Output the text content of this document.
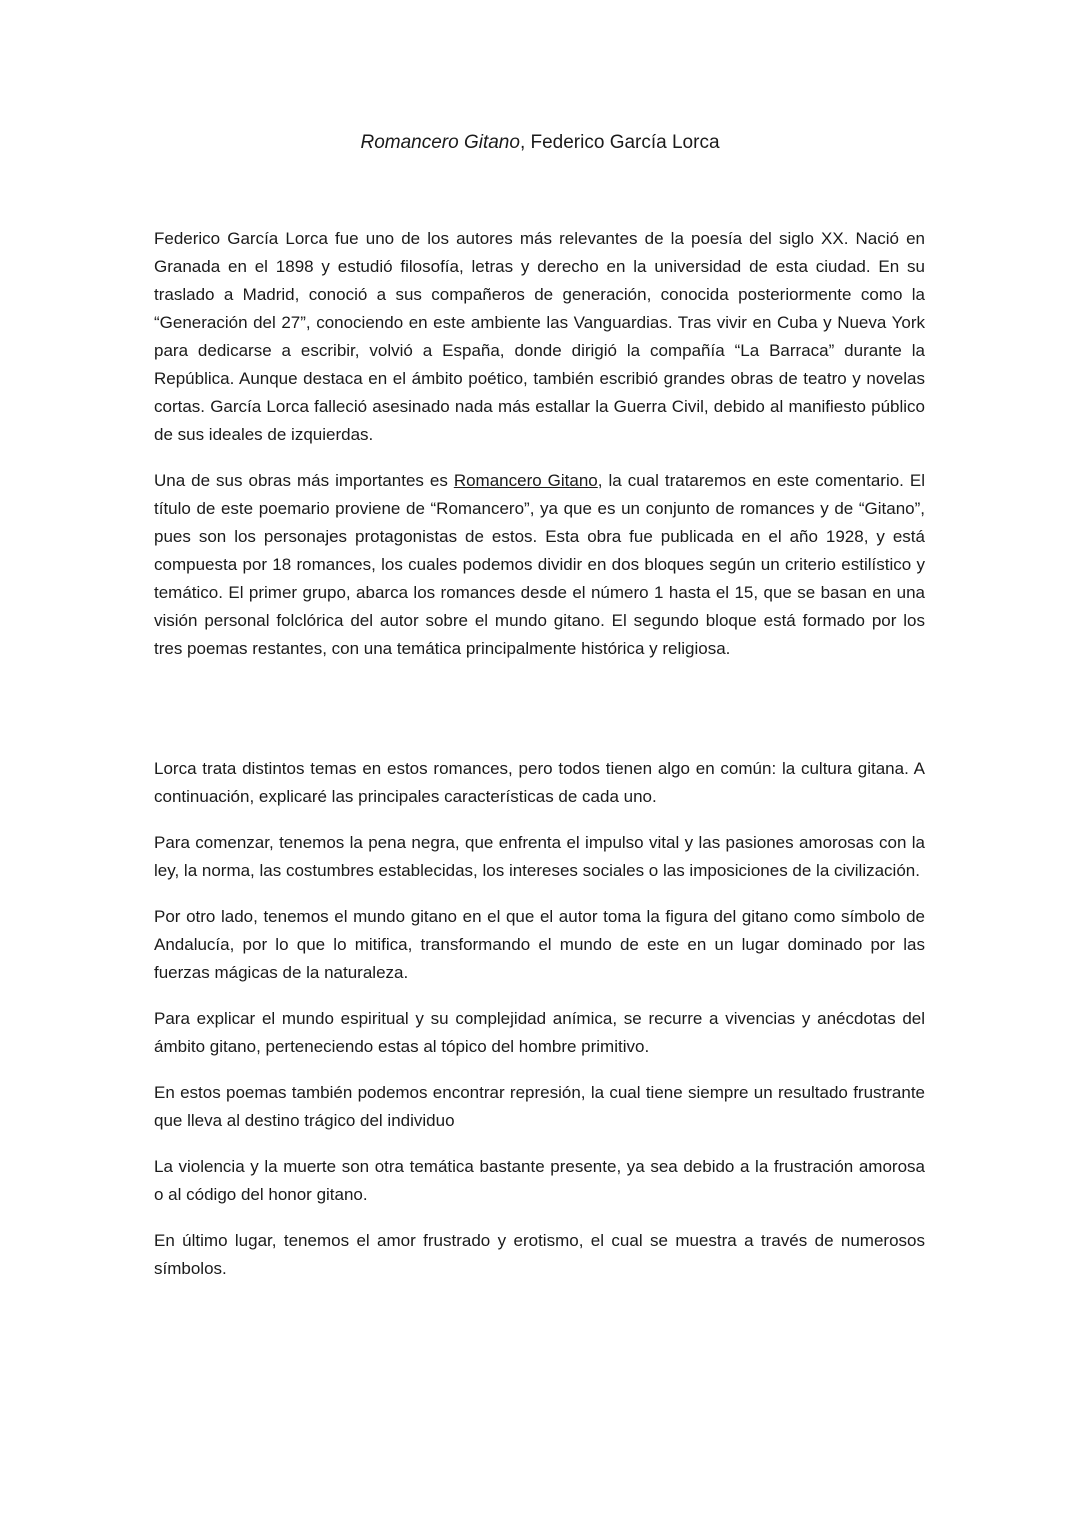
Romancero Gitano, Federico García Lorca

Federico García Lorca fue uno de los autores más relevantes de la poesía del siglo XX. Nació en Granada en el 1898 y estudió filosofía, letras y derecho en la universidad de esta ciudad. En su traslado a Madrid, conoció a sus compañeros de generación, conocida posteriormente como la “Generación del 27”, conociendo en este ambiente las Vanguardias. Tras vivir en Cuba y Nueva York para dedicarse a escribir, volvió a España, donde dirigió la compañía “La Barraca” durante la República. Aunque destaca en el ámbito poético, también escribió grandes obras de teatro y novelas cortas. García Lorca falleció asesinado nada más estallar la Guerra Civil, debido al manifiesto público de sus ideales de izquierdas.

Una de sus obras más importantes es Romancero Gitano, la cual trataremos en este comentario. El título de este poemario proviene de “Romancero”, ya que es un conjunto de romances y de “Gitano”, pues son los personajes protagonistas de estos. Esta obra fue publicada en el año 1928, y está compuesta por 18 romances, los cuales podemos dividir en dos bloques según un criterio estilístico y temático. El primer grupo, abarca los romances desde el número 1 hasta el 15, que se basan en una visión personal folclórica del autor sobre el mundo gitano. El segundo bloque está formado por los tres poemas restantes, con una temática principalmente histórica y religiosa.

Lorca trata distintos temas en estos romances, pero todos tienen algo en común: la cultura gitana. A continuación, explicaré las principales características de cada uno.

Para comenzar, tenemos la pena negra, que enfrenta el impulso vital y las pasiones amorosas con la ley, la norma, las costumbres establecidas, los intereses sociales o las imposiciones de la civilización.

Por otro lado, tenemos el mundo gitano en el que el autor toma la figura del gitano como símbolo de Andalucía, por lo que lo mitifica, transformando el mundo de este en un lugar dominado por las fuerzas mágicas de la naturaleza.

Para explicar el mundo espiritual y su complejidad anímica, se recurre a vivencias y anécdotas del ámbito gitano, perteneciendo estas al tópico del hombre primitivo.

En estos poemas también podemos encontrar represión, la cual tiene siempre un resultado frustrante que lleva al destino trágico del individuo

La violencia y la muerte son otra temática bastante presente, ya sea debido a la frustración amorosa o al código del honor gitano.

En último lugar, tenemos el amor frustrado y erotismo, el cual se muestra a través de numerosos símbolos.
